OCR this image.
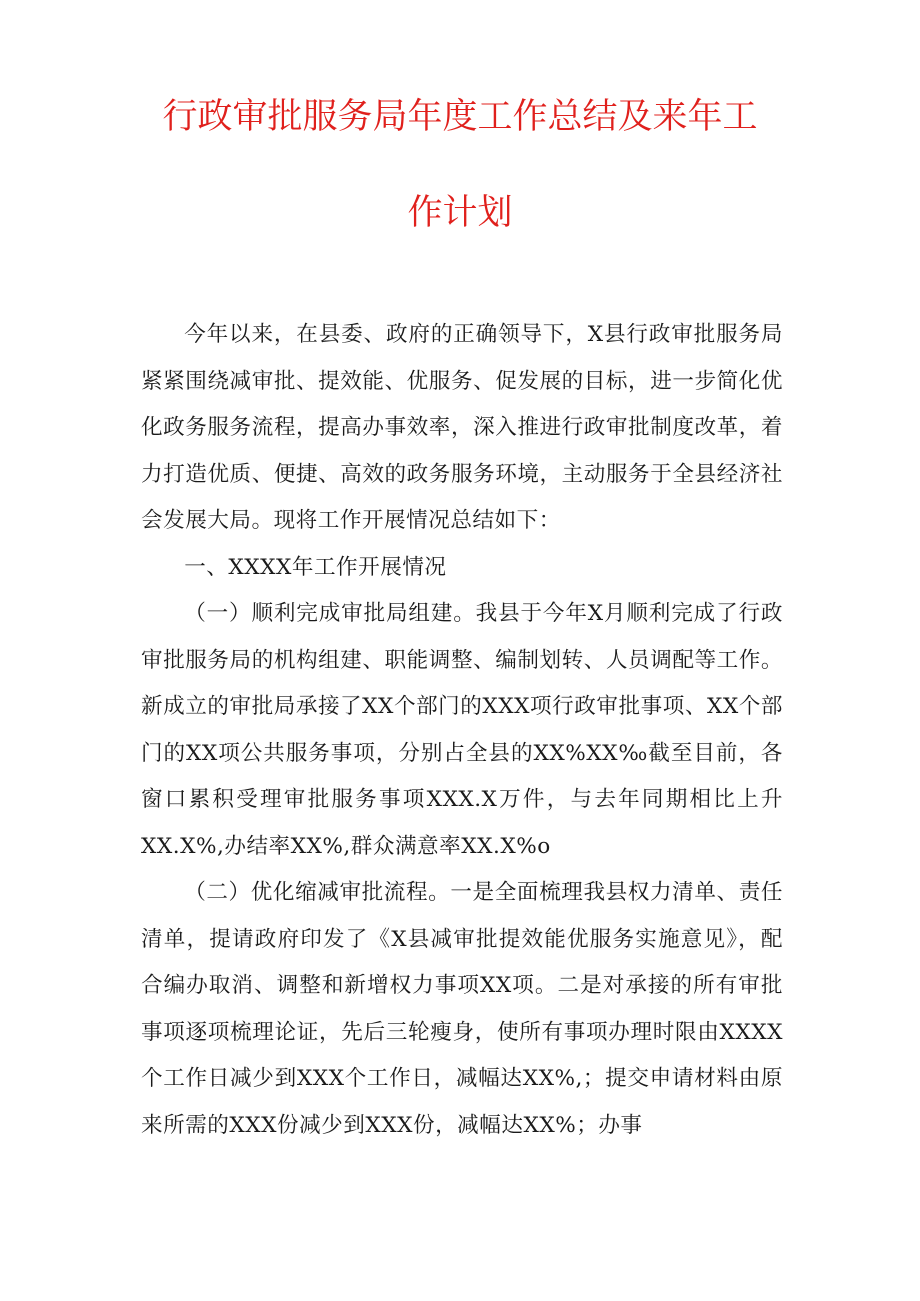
行政审批服务局年度工作总结及来年工
作计划

今年以来，在县委、政府的正确领导下，X县行政审批服务局紧紧围绕减审批、提效能、优服务、促发展的目标，进一步简化优化政务服务流程，提高办事效率，深入推进行政审批制度改革，着力打造优质、便捷、高效的政务服务环境，主动服务于全县经济社会发展大局。现将工作开展情况总结如下：

一、XXXX年工作开展情况

（一）顺利完成审批局组建。我县于今年X月顺利完成了行政审批服务局的机构组建、职能调整、编制划转、人员调配等工作。新成立的审批局承接了XX个部门的XXX项行政审批事项、XX个部门的XX项公共服务事项，分别占全县的XX%XX‰截至目前，各窗口累积受理审批服务事项XXX.X万件，与去年同期相比上升XX.X%,办结率XX%,群众满意率XX.X%o

（二）优化缩减审批流程。一是全面梳理我县权力清单、责任清单，提请政府印发了《X县减审批提效能优服务实施意见》，配合编办取消、调整和新增权力事项XX项。二是对承接的所有审批事项逐项梳理论证，先后三轮瘦身，使所有事项办理时限由XXXX个工作日减少到XXX个工作日，减幅达XX%,；提交申请材料由原来所需的XXX份减少到XXX份，减幅达XX%；办事
